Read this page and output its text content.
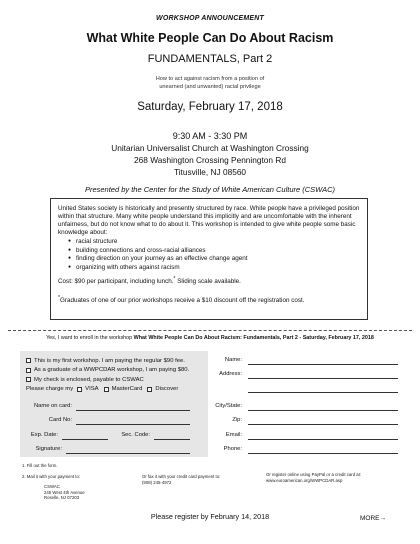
WORKSHOP ANNOUNCEMENT
What White People Can Do About Racism
FUNDAMENTALS, Part 2
How to act against racism from a position of
unearned (and unwanted) racial privilege
Saturday, February 17, 2018
9:30 AM - 3:30 PM
Unitarian Universalist Church at Washington Crossing
268 Washington Crossing Pennington Rd
Titusville, NJ 08560
Presented by the Center for the Study of White American Culture (CSWAC)

United States society is historically and presently structured by race. White people have a privileged position within that structure. Many white people understand this implicitly and are uncomfortable with the inherent unfairness, but do not know what to do about it. This workshop is intended to give white people some basic knowledge about:

● racial structure
● building connections and cross-racial alliances
● finding direction on your journey as an effective change agent
● organizing with others against racism

Cost: $90 per participant, including lunch.* Sliding scale available.

*Graduates of one of our prior workshops receive a $10 discount off the registration cost.

Yes, I want to enroll in the workshop What White People Can Do About Racism: Fundamentals, Part 2 - Saturday, February 17, 2018
This is my first workshop. I am paying the regular $90 fee.
As a graduate of a WWPCDAR workshop, I am paying $80.
My check is enclosed, payable to CSWAC
Please charge my VISA MasterCard Discover
Name on card:
Card No:
Exp. Date:	Sec. Code:
Signature:
Name:
Address:
City/State:
Zip:
Email:
Phone:
1. Fill out the form.
2. Mail it with your payment to:
CSWAC
245 West 4th Avenue
Roselle, NJ 07203
Or fax it with your credit card payment to:
(908) 245-4972
Or register online using PayPal or a credit card at:
www.euroamerican.org/WWPCDAR.asp
Please register by February 14, 2018	MORE→
